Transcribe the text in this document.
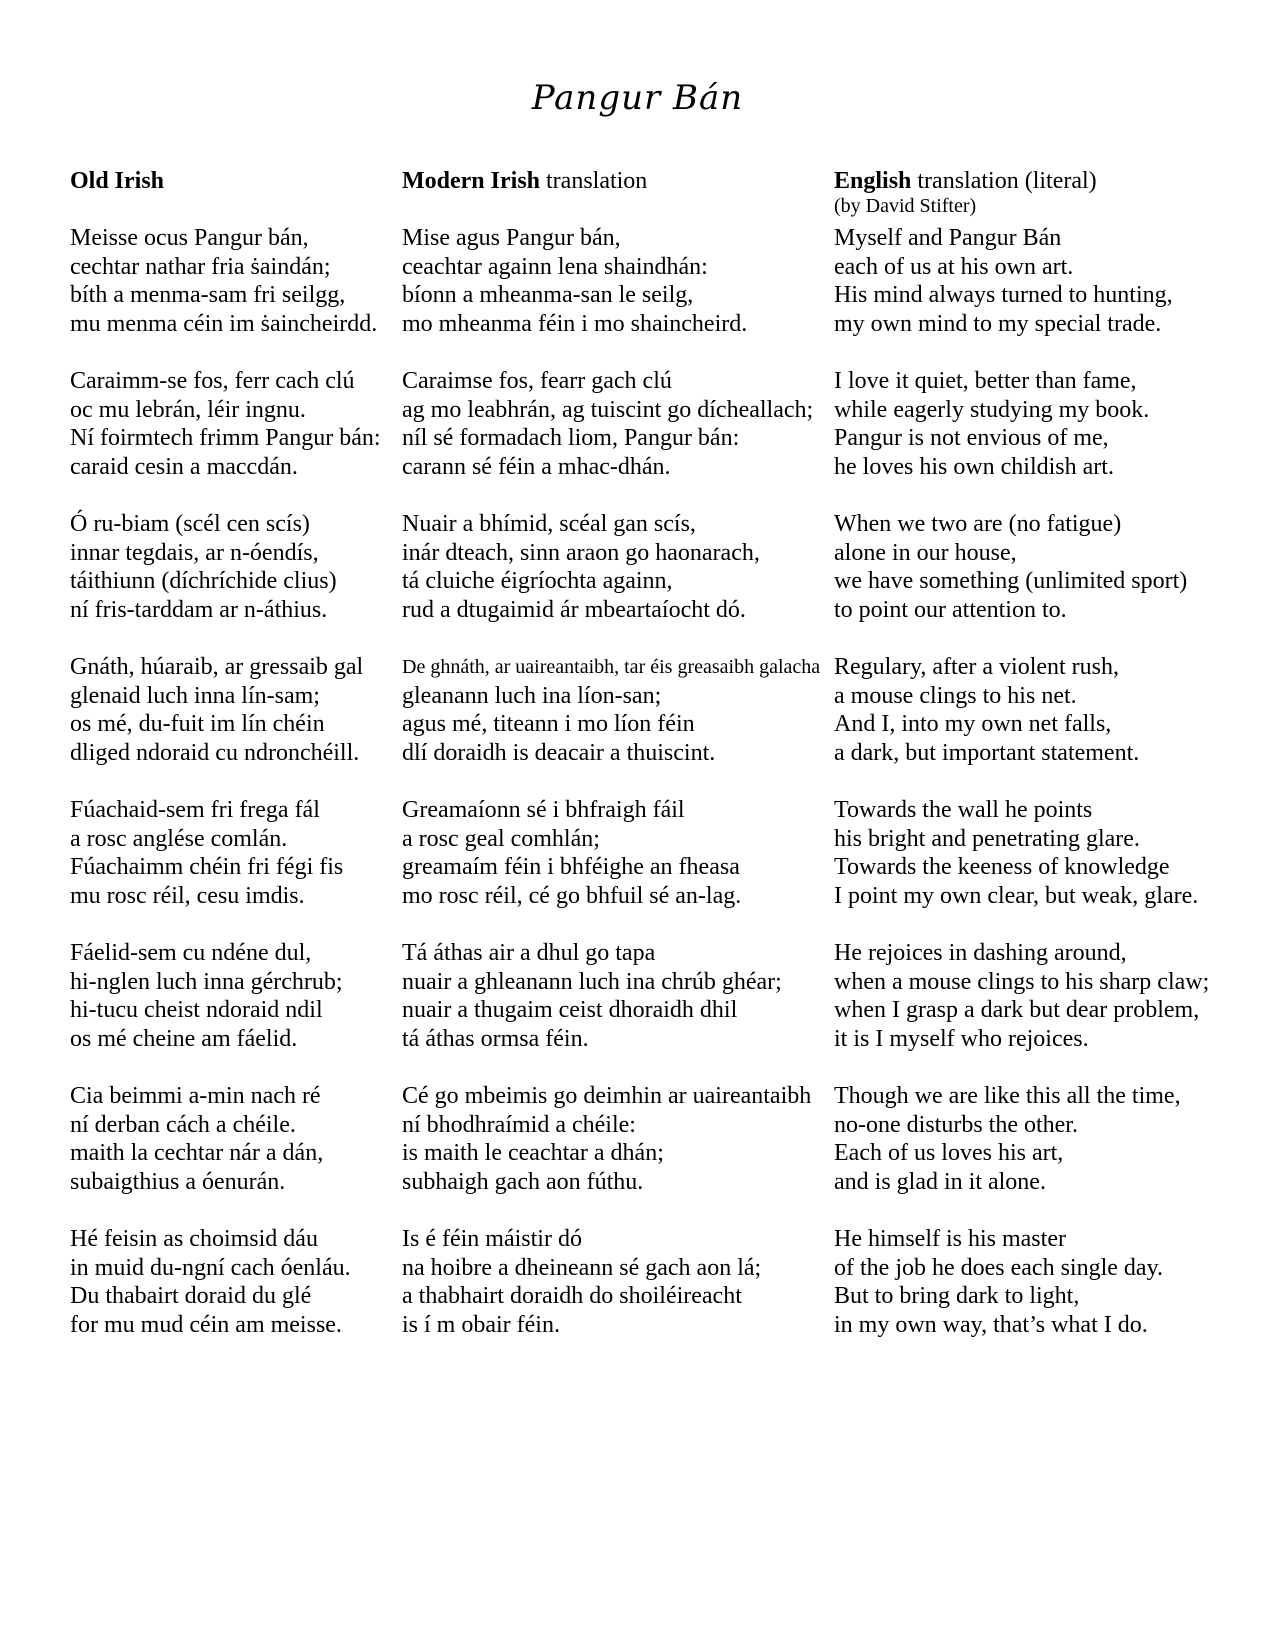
Pangur Bán
Old Irish
Meisse ocus Pangur bán,
cechtar nathar fria ṡaindán;
bíth a menma-sam fri seilgg,
mu menma céin im ṡaincheirdd.
Caraimm-se fos, ferr cach clú
oc mu lebrán, léir ingnu.
Ní foirmtech frimm Pangur bán:
caraid cesin a maccdán.
Ó ru-biam (scél cen scís)
innar tegdais, ar n-óendís,
táithiunn (díchríchide clius)
ní fris-tarddam ar n-áthius.
Gnáth, húaraib, ar gressaib gal
glenaid luch inna lín-sam;
os mé, du-fuit im lín chéin
dliged ndoraid cu ndronchéill.
Fúachaid-sem fri frega fál
a rosc anglése comlán.
Fúachaimm chéin fri fégi fis
mu rosc réil, cesu imdis.
Fáelid-sem cu ndéne dul,
hi-nglen luch inna gérchrub;
hi-tucu cheist ndoraid ndil
os mé cheine am fáelid.
Cia beimmi a-min nach ré
ní derban cách a chéile.
maith la cechtar nár a dán,
subaigthius a óenurán.
Hé feisin as choimsid dáu
in muid du-ngní cach óenláu.
Du thabairt doraid du glé
for mu mud céin am meisse.
Modern Irish translation
Mise agus Pangur bán,
ceachtar againn lena shaindhán:
bíonn a mheanma-san le seilg,
mo mheanma féin i mo shaincheird.
Caraimse fos, fearr gach clú
ag mo leabhrán, ag tuiscint go dícheallach;
níl sé formadach liom, Pangur bán:
carann sé féin a mhac-dhán.
Nuair a bhímid, scéal gan scís,
inár dteach, sinn araon go haonarach,
tá cluiche éigríochta againn,
rud a dtugaimid ár mbeartaíocht dó.
De ghnáth, ar uaireantaibh, tar éis greasaibh galacha
gleanann luch ina líon-san;
agus mé, titeann i mo líon féin
dlí doraidh is deacair a thuiscint.
Greamaíonn sé i bhfraigh fáil
a rosc geal comhlán;
greamaím féin i bhféighe an fheasa
mo rosc réil, cé go bhfuil sé an-lag.
Tá áthas air a dhul go tapa
nuair a ghleanann luch ina chrúb ghéar;
nuair a thugaim ceist dhoraidh dhil
tá áthas ormsa féin.
Cé go mbeimis go deimhin ar uaireantaibh
ní bhodhraímid a chéile:
is maith le ceachtar a dhán;
subhaigh gach aon fúthu.
Is é féin máistir dó
na hoibre a dheineann sé gach aon lá;
a thabhairt doraidh do shoiléireacht
is í m obair féin.
English translation (literal)
(by David Stifter)
Myself and Pangur Bán
each of us at his own art.
His mind always turned to hunting,
my own mind to my special trade.
I love it quiet, better than fame,
while eagerly studying my book.
Pangur is not envious of me,
he loves his own childish art.
When we two are (no fatigue)
alone in our house,
we have something (unlimited sport)
to point our attention to.
Regulary, after a violent rush,
a mouse clings to his net.
And I, into my own net falls,
a dark, but important statement.
Towards the wall he points
his bright and penetrating glare.
Towards the keeness of knowledge
I point my own clear, but weak, glare.
He rejoices in dashing around,
when a mouse clings to his sharp claw;
when I grasp a dark but dear problem,
it is I myself who rejoices.
Though we are like this all the time,
no-one disturbs the other.
Each of us loves his art,
and is glad in it alone.
He himself is his master
of the job he does each single day.
But to bring dark to light,
in my own way, that’s what I do.
